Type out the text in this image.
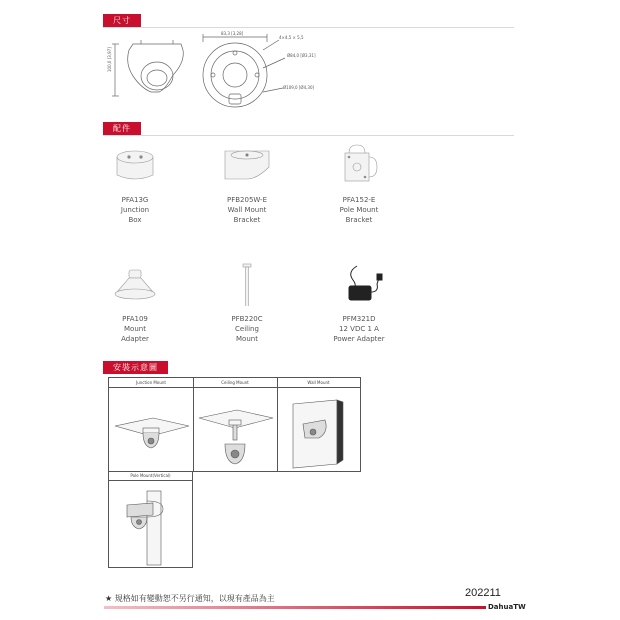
尺寸
100,0 [3,97]
83,3 [3,28]
4×4,5 × 5,5
Ø84,0 [Ø3,31]
Ø109,0 [Ø4,30]
配件
PFA13G
Junction
Box
PFB205W-E
Wall Mount
Bracket
PFA152-E
Pole Mount
Bracket
PFA109
Mount
Adapter
PFB220C
Ceiling
Mount
PFM321D
12 VDC 1 A
Power Adapter
安裝示意圖
Junction Mount	Ceiling Mount	Wall Mount
Pole Mount(Vertical)
★ 規格如有變動恕不另行通知，以現有產品為主	202211
DahuaTW
